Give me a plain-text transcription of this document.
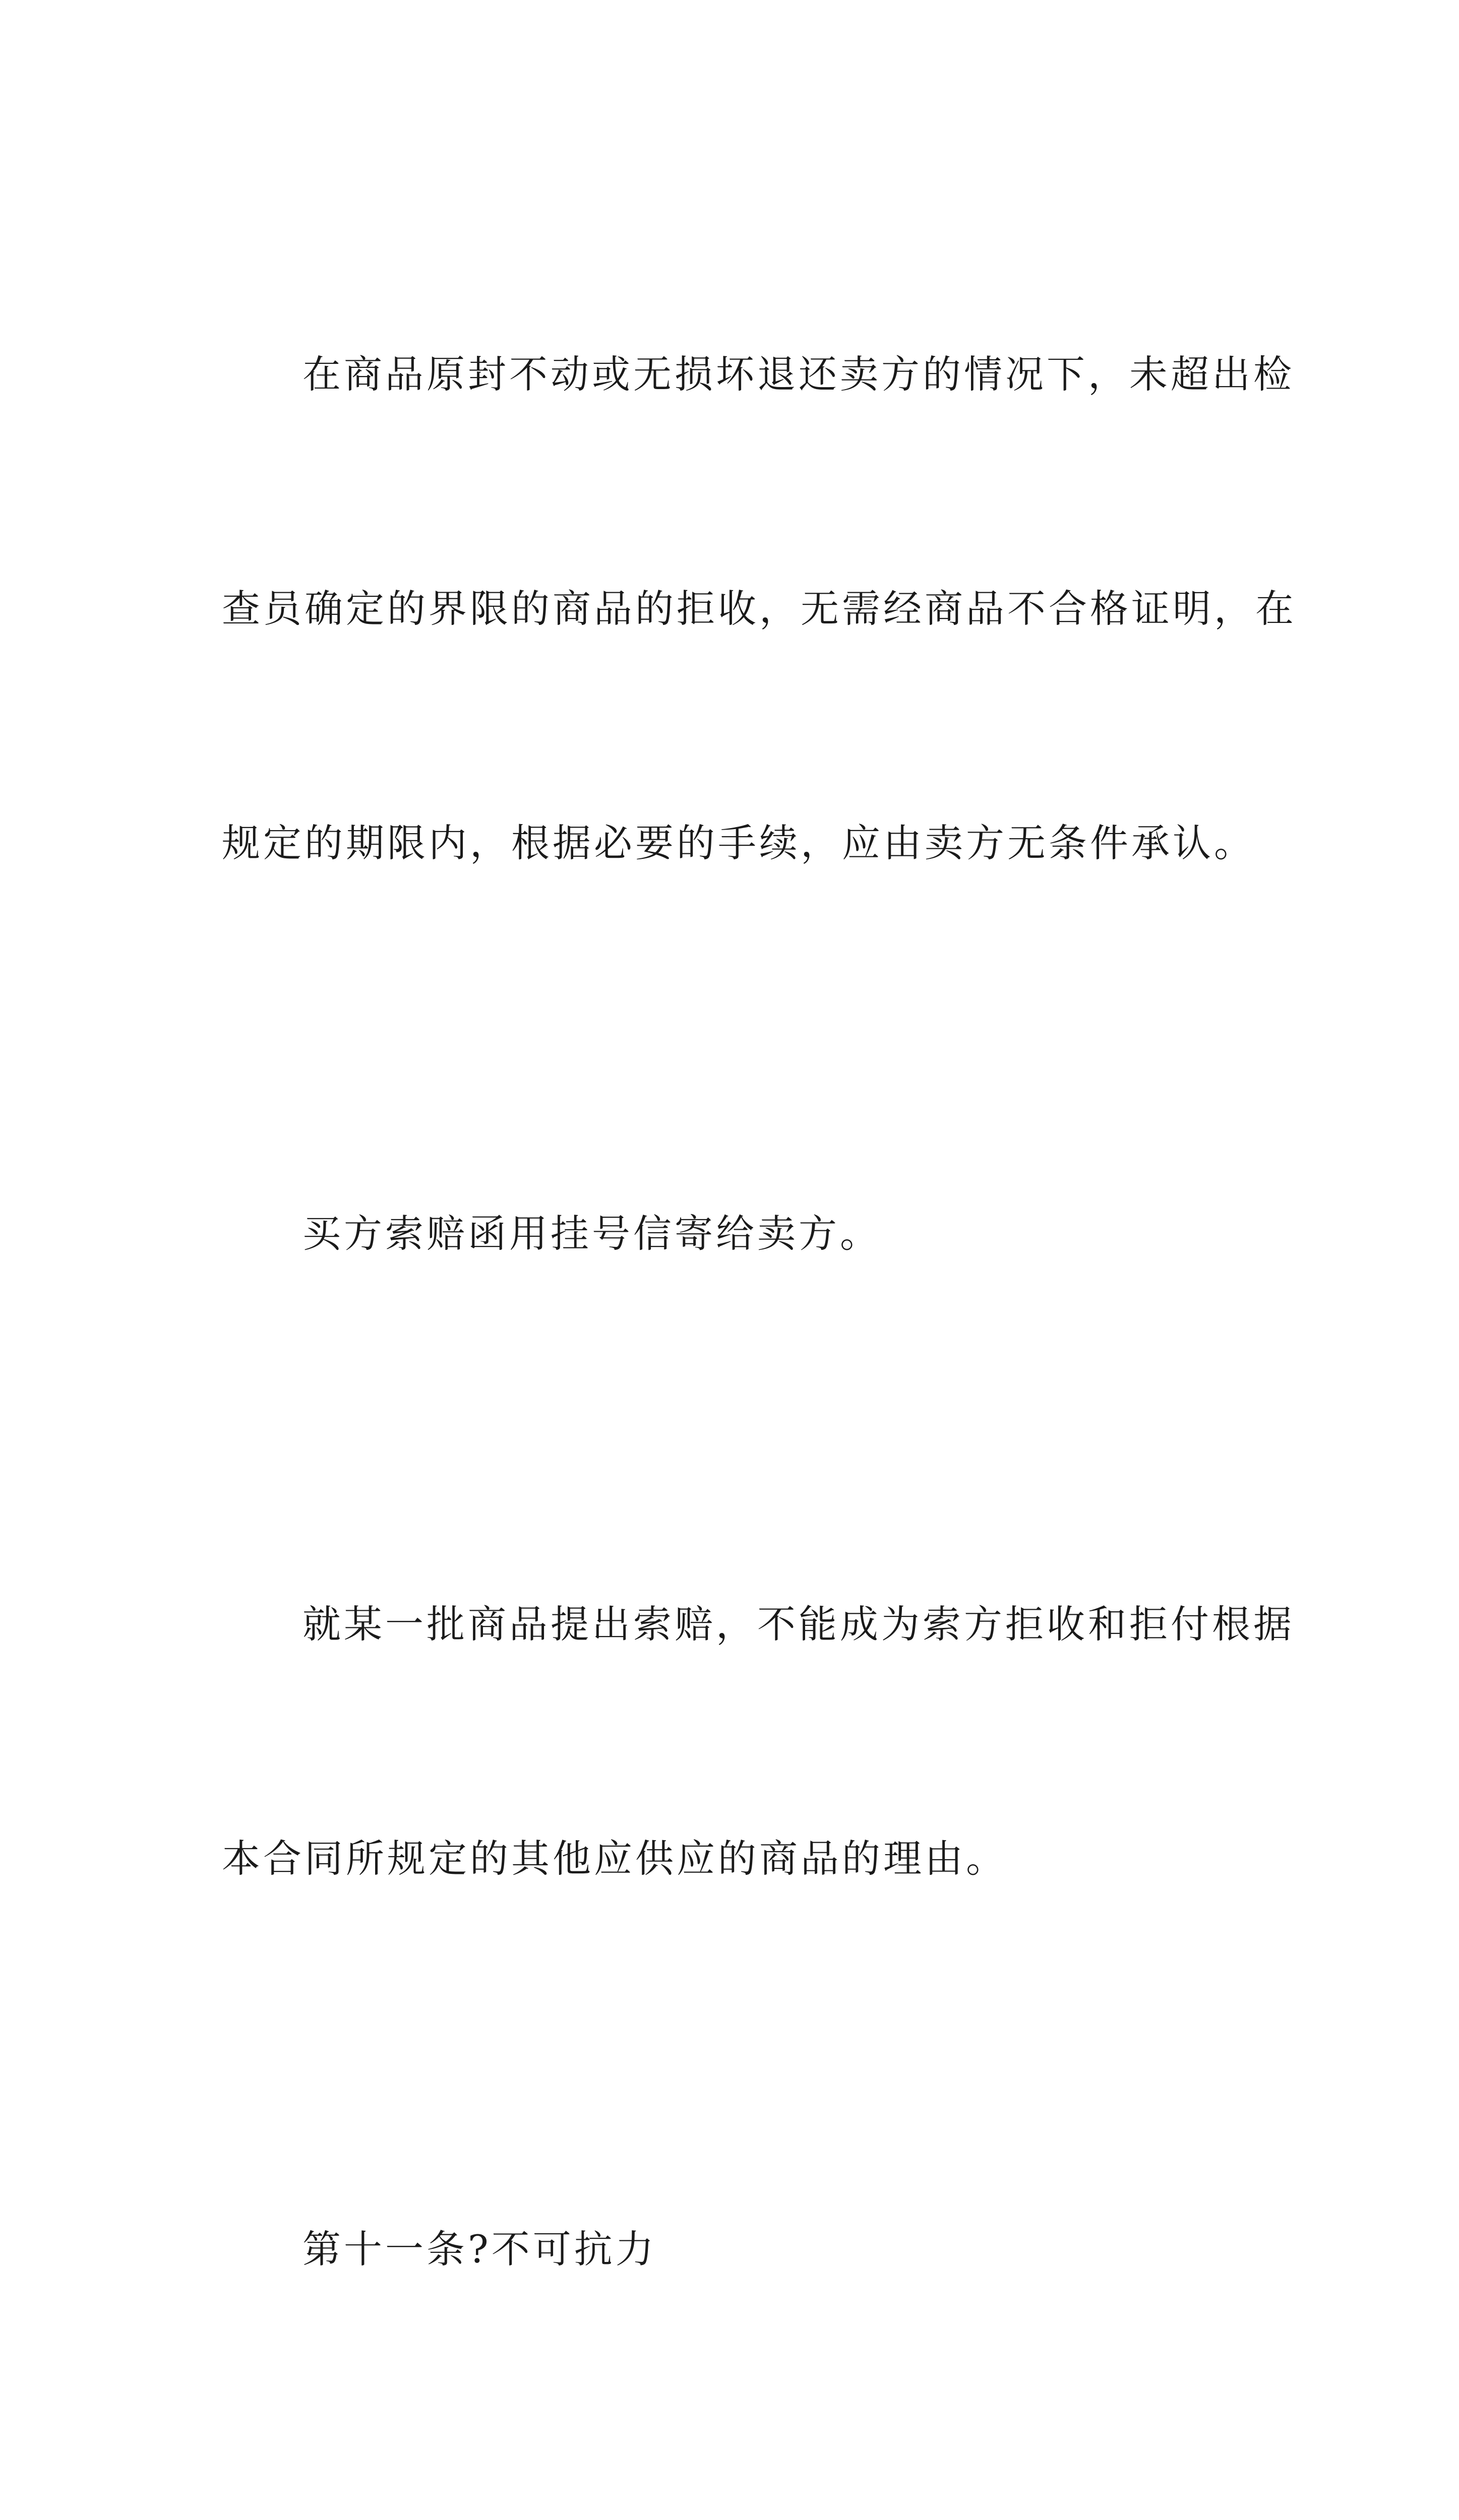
在商品原封不动或无损坏退还卖方的情况下，未超出检

查员确定的界限的商品的拒收，无需经商品不合格证明，在

规定的期限内，根据必要的手续，应由卖方无条件承认。

买方索赔函用挂号信寄给卖方。

就某一批商品提出索赔，不能成为索方拒收和拒付根据

本合同所规定的其他应供应的商品的理由。

第十一条?不可抗力
